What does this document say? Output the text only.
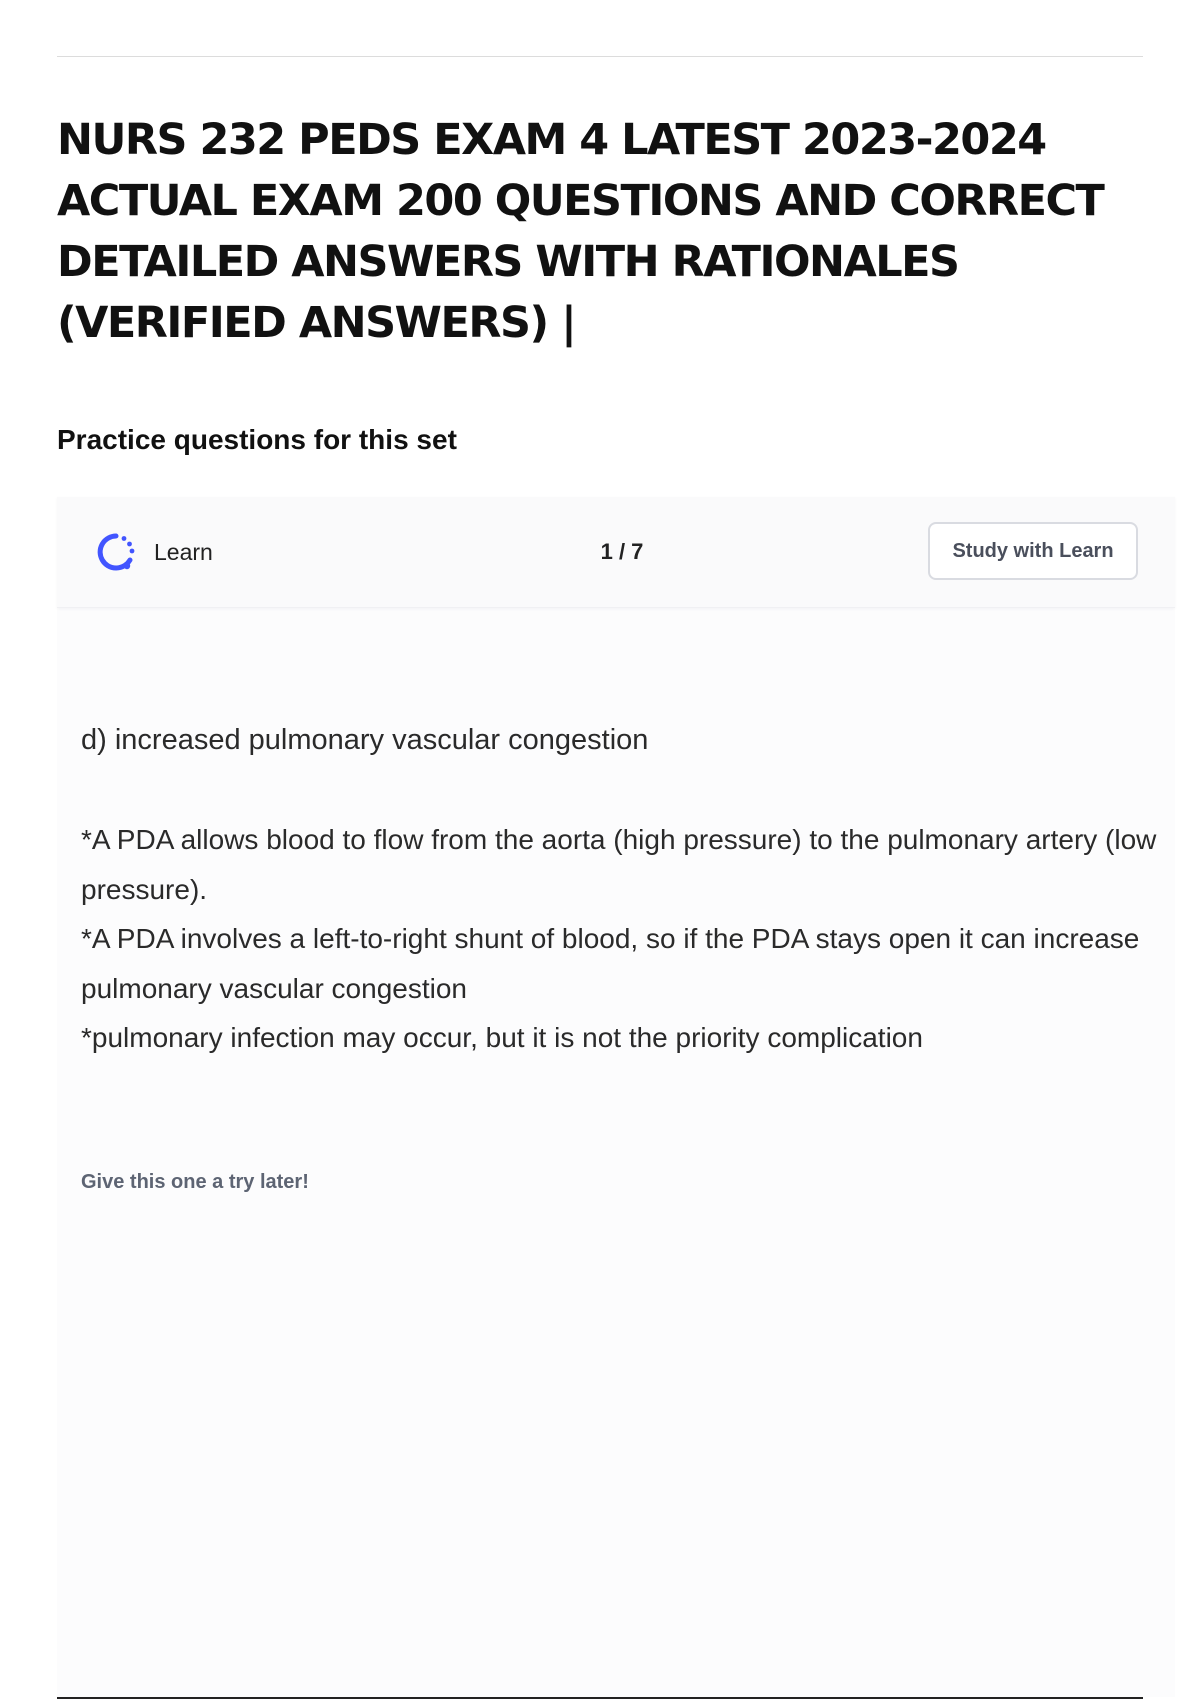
NURS 232 PEDS EXAM 4 LATEST 2023-2024 ACTUAL EXAM 200 QUESTIONS AND CORRECT DETAILED ANSWERS WITH RATIONALES (VERIFIED ANSWERS) |
Practice questions for this set
Learn	1 / 7	Study with Learn

d) increased pulmonary vascular congestion

*A PDA allows blood to flow from the aorta (high pressure) to the pulmonary artery (low pressure).

*A PDA involves a left-to-right shunt of blood, so if the PDA stays open it can increase pulmonary vascular congestion

*pulmonary infection may occur, but it is not the priority complication

Give this one a try later!
